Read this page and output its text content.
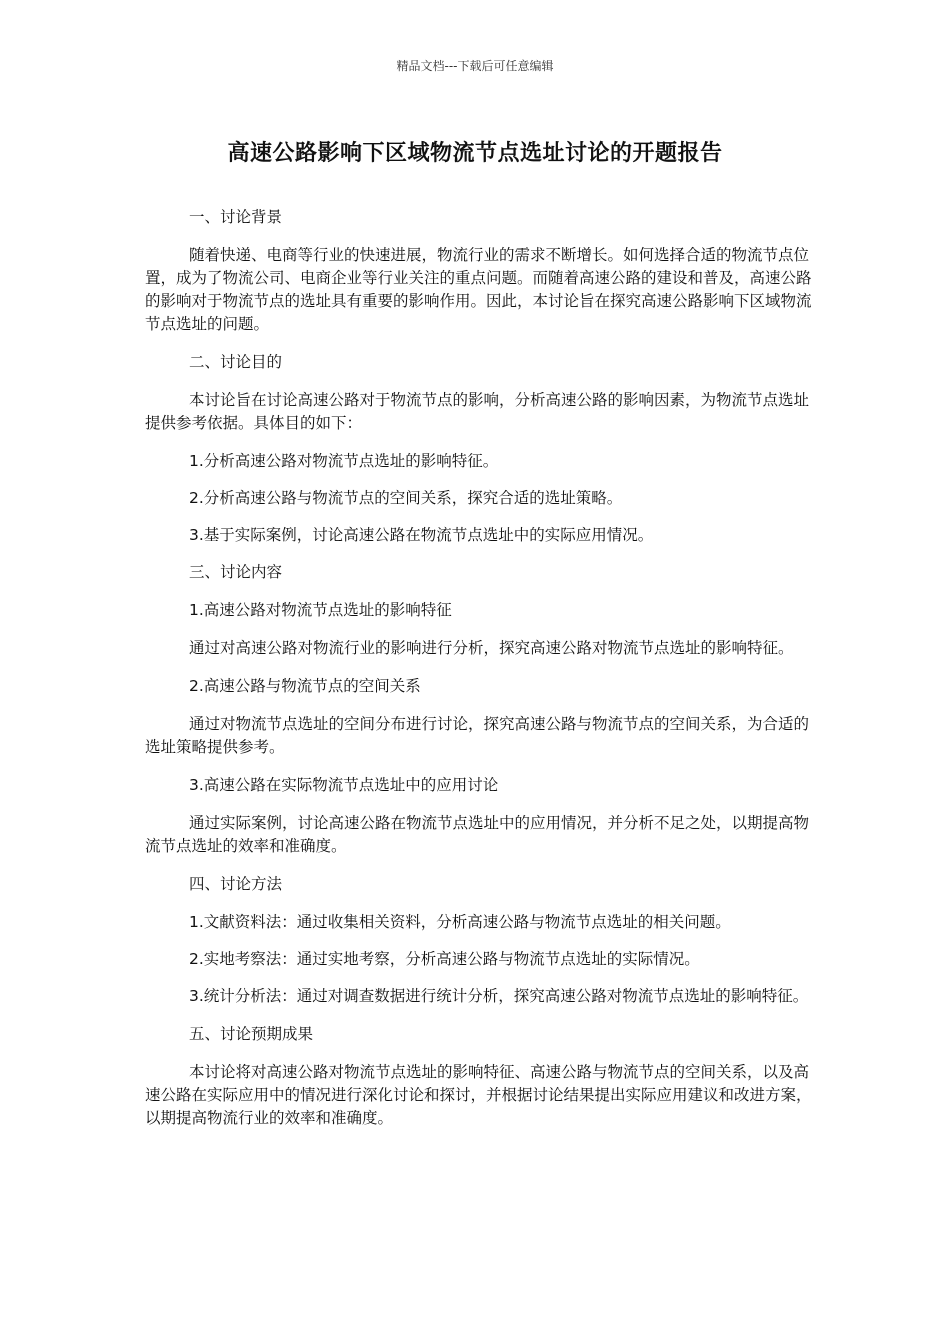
精品文档---下载后可任意编辑
高速公路影响下区域物流节点选址讨论的开题报告

一、讨论背景

随着快递、电商等行业的快速进展，物流行业的需求不断增长。如何选择合适的物流节点位置，成为了物流公司、电商企业等行业关注的重点问题。而随着高速公路的建设和普及，高速公路的影响对于物流节点的选址具有重要的影响作用。因此，本讨论旨在探究高速公路影响下区域物流节点选址的问题。

二、讨论目的

本讨论旨在讨论高速公路对于物流节点的影响，分析高速公路的影响因素，为物流节点选址提供参考依据。具体目的如下：

1.分析高速公路对物流节点选址的影响特征。

2.分析高速公路与物流节点的空间关系，探究合适的选址策略。

3.基于实际案例，讨论高速公路在物流节点选址中的实际应用情况。

三、讨论内容

1.高速公路对物流节点选址的影响特征

通过对高速公路对物流行业的影响进行分析，探究高速公路对物流节点选址的影响特征。

2.高速公路与物流节点的空间关系

通过对物流节点选址的空间分布进行讨论，探究高速公路与物流节点的空间关系，为合适的选址策略提供参考。

3.高速公路在实际物流节点选址中的应用讨论

通过实际案例，讨论高速公路在物流节点选址中的应用情况，并分析不足之处，以期提高物流节点选址的效率和准确度。

四、讨论方法

1.文献资料法：通过收集相关资料，分析高速公路与物流节点选址的相关问题。

2.实地考察法：通过实地考察，分析高速公路与物流节点选址的实际情况。

3.统计分析法：通过对调查数据进行统计分析，探究高速公路对物流节点选址的影响特征。

五、讨论预期成果

本讨论将对高速公路对物流节点选址的影响特征、高速公路与物流节点的空间关系，以及高速公路在实际应用中的情况进行深化讨论和探讨，并根据讨论结果提出实际应用建议和改进方案，以期提高物流行业的效率和准确度。
